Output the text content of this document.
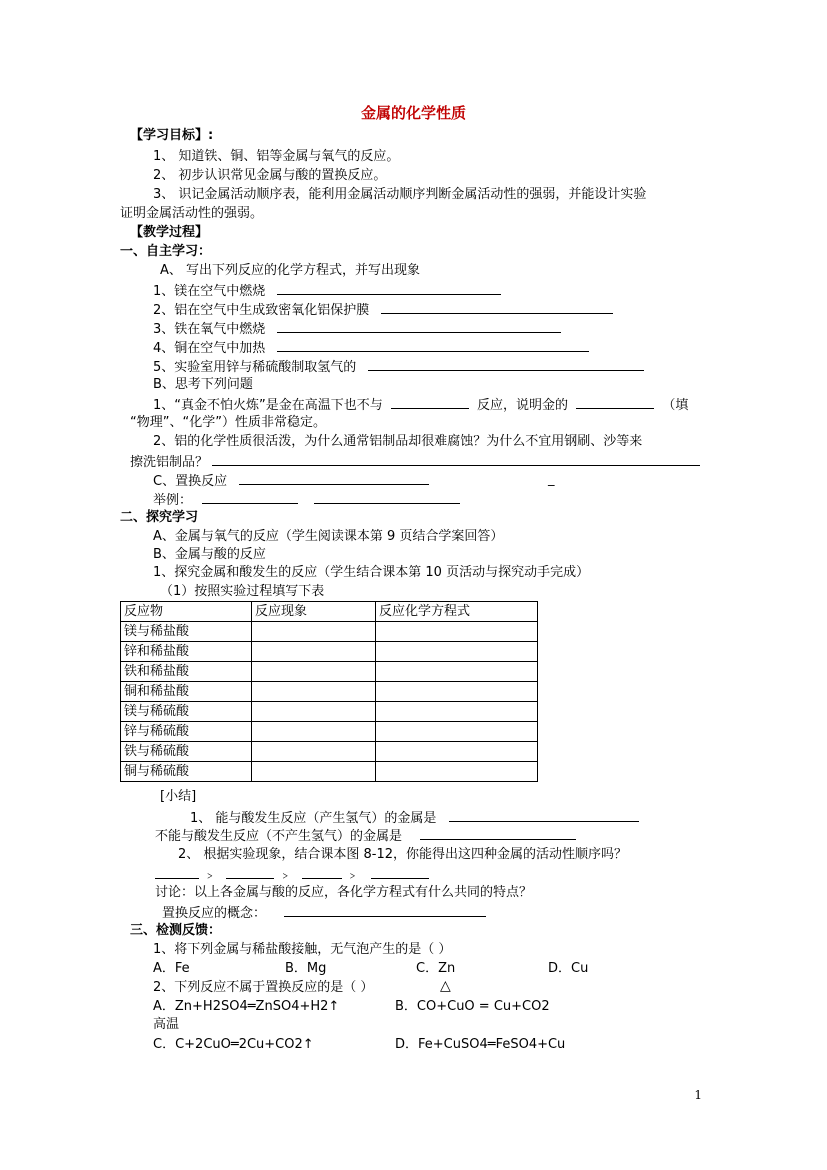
金属的化学性质
【学习目标】:
1、 知道铁、铜、铝等金属与氧气的反应。
2、 初步认识常见金属与酸的置换反应。
3、 识记金属活动顺序表，能利用金属活动顺序判断金属活动性的强弱，并能设计实验
证明金属活动性的强弱。
【教学过程】
一、自主学习：
A、 写出下列反应的化学方程式，并写出现象
1、镁在空气中燃烧
2、铝在空气中生成致密氧化铝保护膜
3、铁在氧气中燃烧
4、铜在空气中加热
5、实验室用锌与稀硫酸制取氢气的
B、思考下列问题
1、“真金不怕火炼”是金在高温下也不与	反应，说明金的	（填
“物理”、“化学”）性质非常稳定。
2、铝的化学性质很活泼，为什么通常铝制品却很难腐蚀？为什么不宜用钢刷、沙等来
擦洗铝制品？
C、置换反应	_
举例：
二、探究学习
A、金属与氧气的反应（学生阅读课本第 9 页结合学案回答）
B、金属与酸的反应
1、探究金属和酸发生的反应（学生结合课本第 10 页活动与探究动手完成）
（1）按照实验过程填写下表
反应物	反应现象	反应化学方程式
镁与稀盐酸		
锌和稀盐酸		
铁和稀盐酸		
铜和稀盐酸		
镁与稀硫酸		
锌与稀硫酸		
铁与稀硫酸		
铜与稀硫酸		
[小结]
1、 能与酸发生反应（产生氢气）的金属是
不能与酸发生反应（不产生氢气）的金属是
2、 根据实验现象，结合课本图 8-12，你能得出这四种金属的活动性顺序吗？
﹥	﹥	﹥
讨论：以上各金属与酸的反应，各化学方程式有什么共同的特点？
置换反应的概念：
三、检测反馈：
1、将下列金属与稀盐酸接触，无气泡产生的是（ ）
A．Fe	B．Mg	C．Zn	D．Cu
2、下列反应不属于置换反应的是（ ）	△
A．Zn+H2SO4═ZnSO4+H2↑	B．CO+CuO = Cu+CO2
高温
C．C+2CuO═2Cu+CO2↑	D．Fe+CuSO4═FeSO4+Cu
1
